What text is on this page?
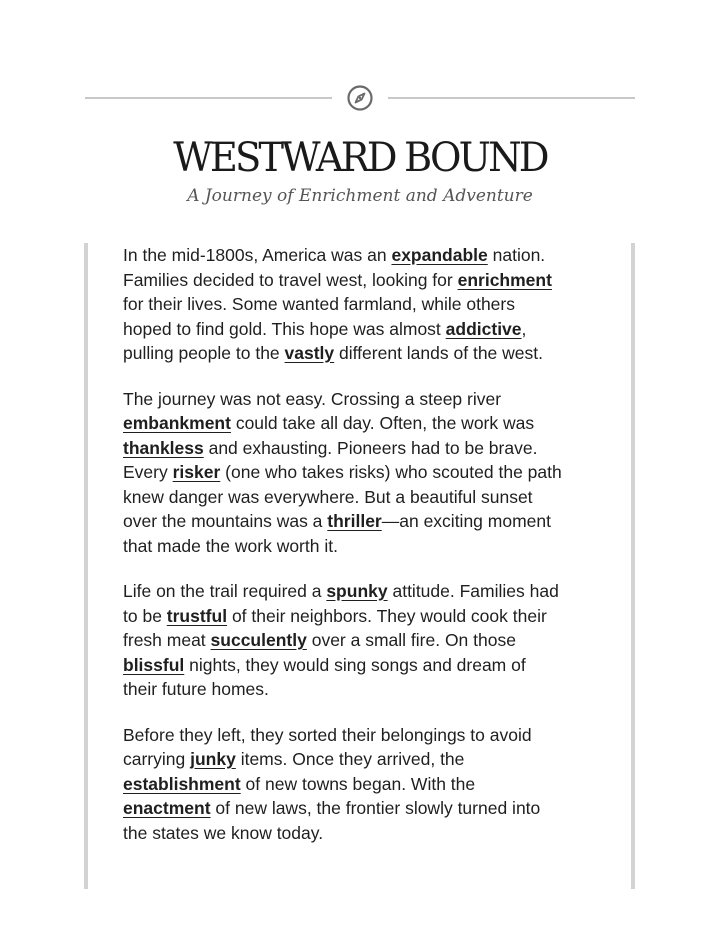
WESTWARD BOUND
A Journey of Enrichment and Adventure
In the mid-1800s, America was an expandable nation.
Families decided to travel west, looking for enrichment
for their lives. Some wanted farmland, while others
hoped to find gold. This hope was almost addictive,
pulling people to the vastly different lands of the west.
The journey was not easy. Crossing a steep river
embankment could take all day. Often, the work was
thankless and exhausting. Pioneers had to be brave.
Every risker (one who takes risks) who scouted the path
knew danger was everywhere. But a beautiful sunset
over the mountains was a thriller—an exciting moment
that made the work worth it.
Life on the trail required a spunky attitude. Families had
to be trustful of their neighbors. They would cook their
fresh meat succulently over a small fire. On those
blissful nights, they would sing songs and dream of
their future homes.
Before they left, they sorted their belongings to avoid
carrying junky items. Once they arrived, the
establishment of new towns began. With the
enactment of new laws, the frontier slowly turned into
the states we know today.
